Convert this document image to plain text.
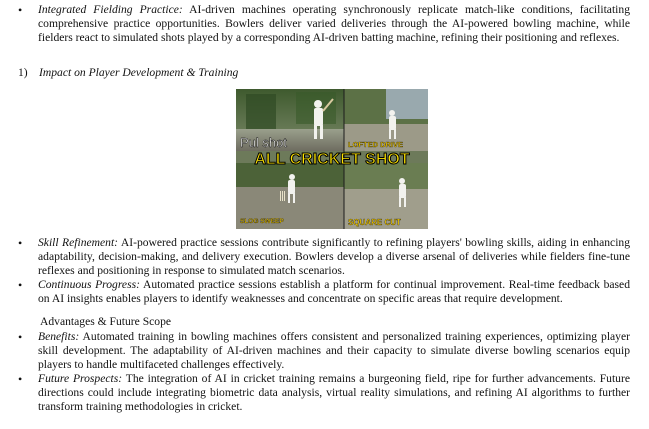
• Integrated Fielding Practice: AI-driven machines operating synchronously replicate match-like conditions, facilitating comprehensive practice opportunities. Bowlers deliver varied deliveries through the AI-powered bowling machine, while fielders react to simulated shots played by a corresponding AI-driven batting machine, refining their positioning and reflexes.
1) Impact on Player Development & Training
Pul shot	LOFTED DRIVE
ALL CRICKET SHOT
SLOG SWEEP	SQUARE CUT
• Skill Refinement: AI-powered practice sessions contribute significantly to refining players' bowling skills, aiding in enhancing adaptability, decision-making, and delivery execution. Bowlers develop a diverse arsenal of deliveries while fielders fine-tune reflexes and positioning in response to simulated match scenarios.
• Continuous Progress: Automated practice sessions establish a platform for continual improvement. Real-time feedback based on AI insights enables players to identify weaknesses and concentrate on specific areas that require development.
Advantages & Future Scope
• Benefits: Automated training in bowling machines offers consistent and personalized training experiences, optimizing player skill development. The adaptability of AI-driven machines and their capacity to simulate diverse bowling scenarios equip players to handle multifaceted challenges effectively.
• Future Prospects: The integration of AI in cricket training remains a burgeoning field, ripe for further advancements. Future directions could include integrating biometric data analysis, virtual reality simulations, and refining AI algorithms to further transform training methodologies in cricket.
